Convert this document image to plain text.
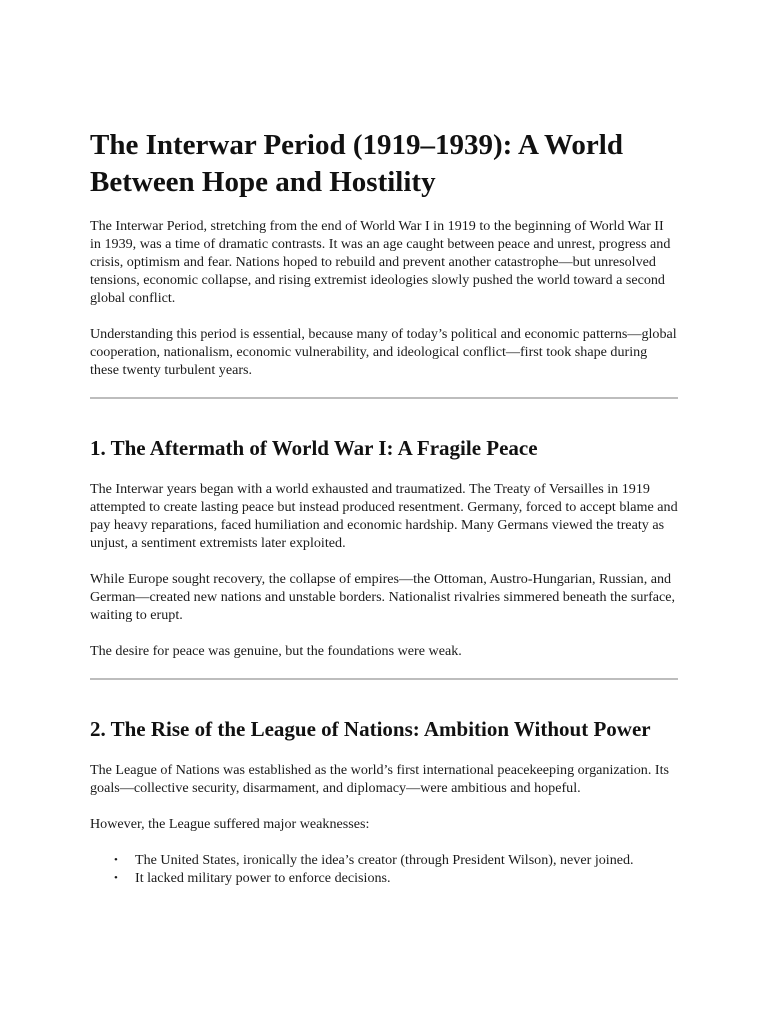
The Interwar Period (1919–1939): A World Between Hope and Hostility

The Interwar Period, stretching from the end of World War I in 1919 to the beginning of World War II in 1939, was a time of dramatic contrasts. It was an age caught between peace and unrest, progress and crisis, optimism and fear. Nations hoped to rebuild and prevent another catastrophe—but unresolved tensions, economic collapse, and rising extremist ideologies slowly pushed the world toward a second global conflict.

Understanding this period is essential, because many of today’s political and economic patterns—global cooperation, nationalism, economic vulnerability, and ideological conflict—first took shape during these twenty turbulent years.

1. The Aftermath of World War I: A Fragile Peace

The Interwar years began with a world exhausted and traumatized. The Treaty of Versailles in 1919 attempted to create lasting peace but instead produced resentment. Germany, forced to accept blame and pay heavy reparations, faced humiliation and economic hardship. Many Germans viewed the treaty as unjust, a sentiment extremists later exploited.

While Europe sought recovery, the collapse of empires—the Ottoman, Austro-Hungarian, Russian, and German—created new nations and unstable borders. Nationalist rivalries simmered beneath the surface, waiting to erupt.

The desire for peace was genuine, but the foundations were weak.

2. The Rise of the League of Nations: Ambition Without Power

The League of Nations was established as the world’s first international peacekeeping organization. Its goals—collective security, disarmament, and diplomacy—were ambitious and hopeful.

However, the League suffered major weaknesses:

• The United States, ironically the idea’s creator (through President Wilson), never joined.
• It lacked military power to enforce decisions.
